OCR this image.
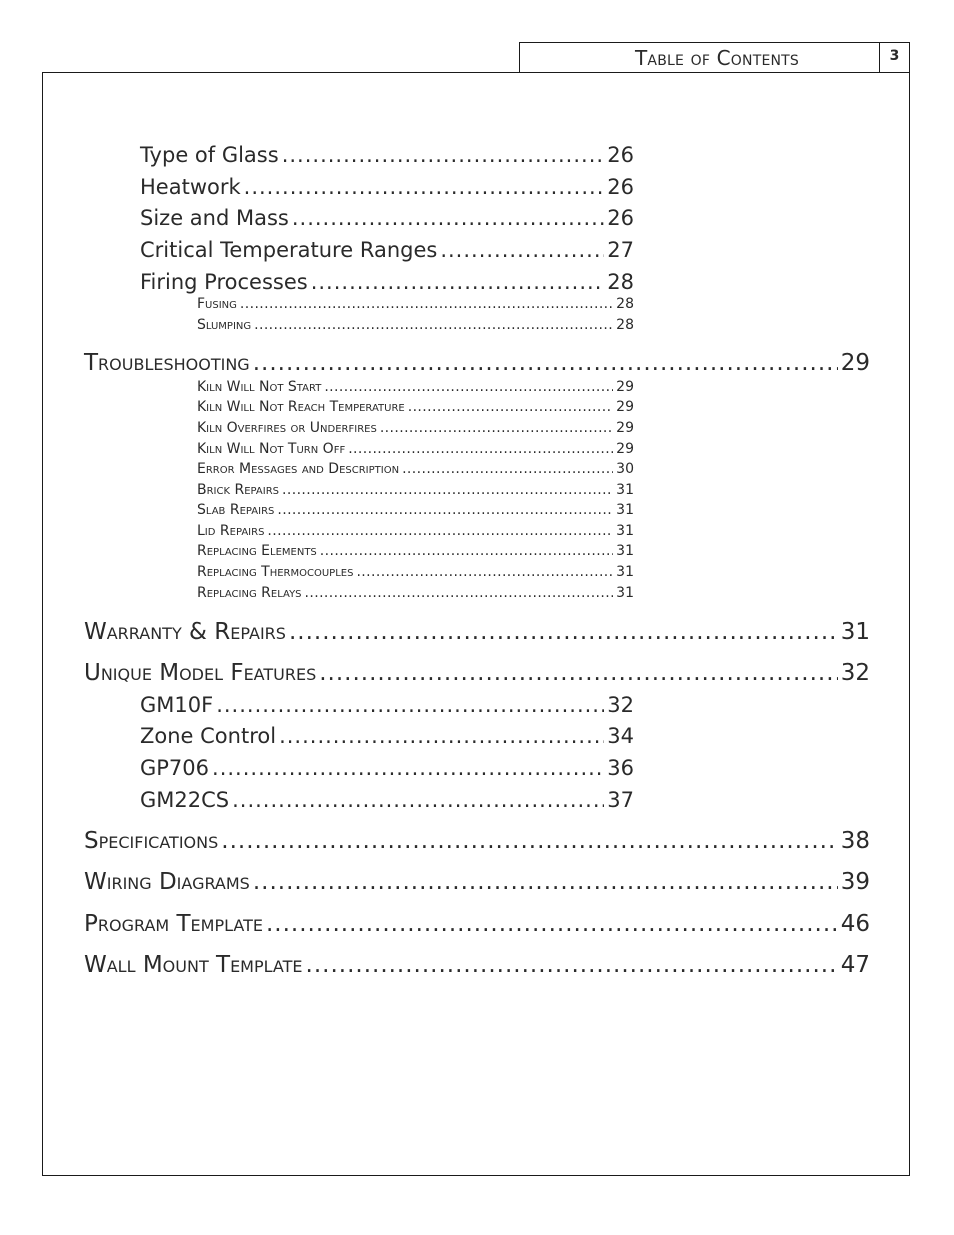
Table of Contents	3
Type of Glass .....	26
Heatwork .....	26
Size and Mass .....	26
Critical Temperature Ranges .....	27
Firing Processes .....	28
Fusing .....	28
Slumping .....	28
Troubleshooting .....	29
Kiln Will Not Start .....	29
Kiln Will Not Reach Temperature .....	29
Kiln Overfires or Underfires .....	29
Kiln Will Not Turn Off .....	29
Error Messages and Description .....	30
Brick Repairs .....	31
Slab Repairs .....	31
Lid Repairs .....	31
Replacing Elements .....	31
Replacing Thermocouples .....	31
Replacing Relays .....	31
Warranty & Repairs .....	31
Unique Model Features .....	32
GM10F .....	32
Zone Control .....	34
GP706 .....	36
GM22CS .....	37
Specifications .....	38
Wiring Diagrams .....	39
Program Template .....	46
Wall Mount Template .....	47
